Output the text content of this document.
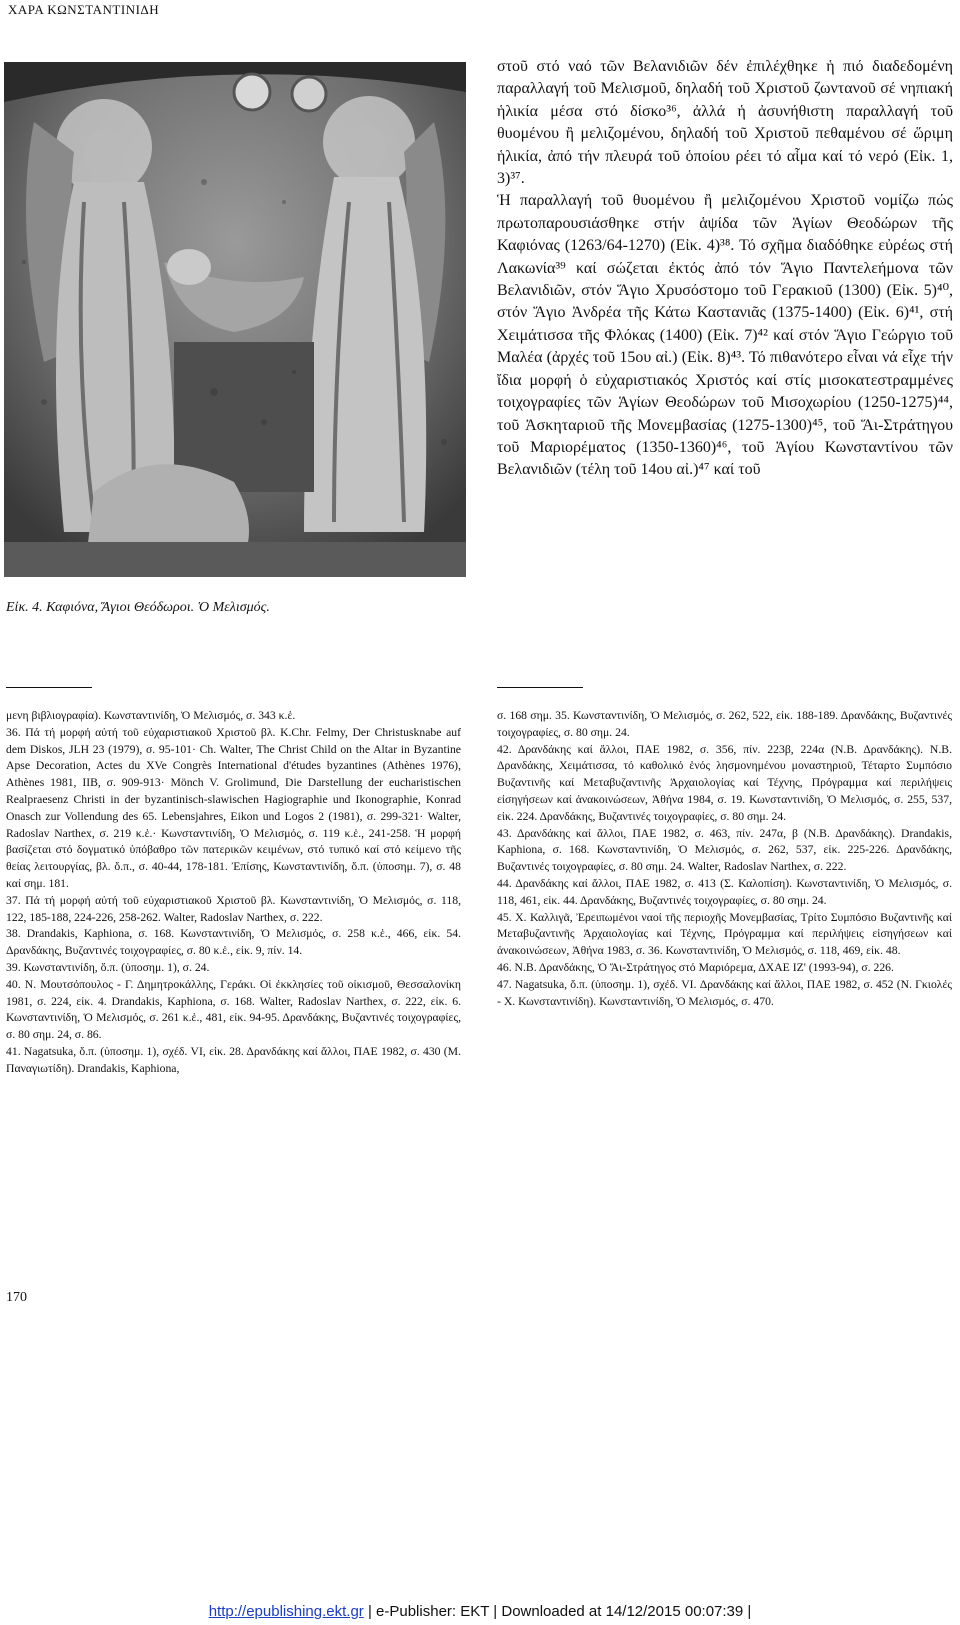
ΧΑΡΑ ΚΩΝΣΤΑΝΤΙΝΙΔΗ
Εἰκ. 4. Καφιόνα, Ἅγιοι Θεόδωροι. Ὁ Μελισμός.

στοῦ στό ναό τῶν Βελανιδιῶν δέν ἐπιλέχθηκε ἡ πιό διαδεδομένη παραλλαγή τοῦ Μελισμοῦ, δηλαδή τοῦ Χριστοῦ ζωντανοῦ σέ νηπιακή ἡλικία μέσα στό δίσκο³⁶, ἀλλά ἡ ἀσυνήθιστη παραλλαγή τοῦ θυομένου ἢ μελιζομένου, δηλαδή τοῦ Χριστοῦ πεθαμένου σέ ὥριμη ἡλικία, ἀπό τήν πλευρά τοῦ ὁποίου ρέει τό αἷμα καί τό νερό (Εἰκ. 1, 3)³⁷.

Ἡ παραλλαγή τοῦ θυομένου ἢ μελιζομένου Χριστοῦ νομίζω πώς πρωτοπαρουσιάσθηκε στήν ἁψίδα τῶν Ἁγίων Θεοδώρων τῆς Καφιόνας (1263/64-1270) (Εἰκ. 4)³⁸. Τό σχῆμα διαδόθηκε εὐρέως στή Λακωνία³⁹ καί σώζεται ἐκτός ἀπό τόν Ἅγιο Παντελεήμονα τῶν Βελανιδιῶν, στόν Ἅγιο Χρυσόστομο τοῦ Γερακιοῦ (1300) (Εἰκ. 5)⁴⁰, στόν Ἅγιο Ἀνδρέα τῆς Κάτω Καστανιᾶς (1375-1400) (Εἰκ. 6)⁴¹, στή Χειμάτισσα τῆς Φλόκας (1400) (Εἰκ. 7)⁴² καί στόν Ἅγιο Γεώργιο τοῦ Μαλέα (ἀρχές τοῦ 15ου αἰ.) (Εἰκ. 8)⁴³. Τό πιθανότερο εἶναι νά εἶχε τήν ἴδια μορφή ὁ εὐχαριστιακός Χριστός καί στίς μισοκατεστραμμένες τοιχογραφίες τῶν Ἁγίων Θεοδώρων τοῦ Μισοχωρίου (1250-1275)⁴⁴, τοῦ Ἀσκηταριοῦ τῆς Μονεμβασίας (1275-1300)⁴⁵, τοῦ Ἅι-Στράτηγου τοῦ Μαριορέματος (1350-1360)⁴⁶, τοῦ Ἁγίου Κωνσταντίνου τῶν Βελανιδιῶν (τέλη τοῦ 14ου αἰ.)⁴⁷ καί τοῦ

μενη βιβλιογραφία). Κωνσταντινίδη, Ὁ Μελισμός, σ. 343 κ.ἑ.

36. Πά τή μορφή αὐτή τοῦ εὐχαριστιακοῦ Χριστοῦ βλ. K.Chr. Felmy, Der Christusknabe auf dem Diskos, JLH 23 (1979), σ. 95-101· Ch. Walter, The Christ Child on the Altar in Byzantine Apse Decoration, Actes du XVe Congrès International d'études byzantines (Athènes 1976), Athènes 1981, IIB, σ. 909-913· Mönch V. Grolimund, Die Darstellung der eucharistischen Realpraesenz Christi in der byzantinisch-slawischen Hagiographie und Ikonographie, Konrad Onasch zur Vollendung des 65. Lebensjahres, Eikon und Logos 2 (1981), σ. 299-321· Walter, Radoslav Narthex, σ. 219 κ.ἑ.· Κωνσταντινίδη, Ὁ Μελισμός, σ. 119 κ.ἑ., 241-258. Ἡ μορφή βασίζεται στό δογματικό ὑπόβαθρο τῶν πατερικῶν κειμένων, στό τυπικό καί στό κείμενο τῆς θείας λειτουργίας, βλ. ὅ.π., σ. 40-44, 178-181. Ἐπίσης, Κωνσταντινίδη, ὅ.π. (ὑποσημ. 7), σ. 48 καί σημ. 181.

37. Πά τή μορφή αὐτή τοῦ εὐχαριστιακοῦ Χριστοῦ βλ. Κωνσταντινίδη, Ὁ Μελισμός, σ. 118, 122, 185-188, 224-226, 258-262. Walter, Radoslav Narthex, σ. 222.

38. Drandakis, Kaphiona, σ. 168. Κωνσταντινίδη, Ὁ Μελισμός, σ. 258 κ.ἑ., 466, εἰκ. 54. Δρανδάκης, Βυζαντινές τοιχογραφίες, σ. 80 κ.ἑ., εἰκ. 9, πίν. 14.

39. Κωνσταντινίδη, ὅ.π. (ὑποσημ. 1), σ. 24.

40. Ν. Μουτσόπουλος - Γ. Δημητροκάλλης, Γεράκι. Οἱ ἐκκλησίες τοῦ οἰκισμοῦ, Θεσσαλονίκη 1981, σ. 224, εἰκ. 4. Drandakis, Kaphiona, σ. 168. Walter, Radoslav Narthex, σ. 222, εἰκ. 6. Κωνσταντινίδη, Ὁ Μελισμός, σ. 261 κ.ἑ., 481, εἰκ. 94-95. Δρανδάκης, Βυζαντινές τοιχογραφίες, σ. 80 σημ. 24, σ. 86.

41. Nagatsuka, ὅ.π. (ὑποσημ. 1), σχέδ. VI, εἰκ. 28. Δρανδάκης καί ἄλλοι, ΠΑΕ 1982, σ. 430 (Μ. Παναγιωτίδη). Drandakis, Kaphiona,

σ. 168 σημ. 35. Κωνσταντινίδη, Ὁ Μελισμός, σ. 262, 522, εἰκ. 188-189. Δρανδάκης, Βυζαντινές τοιχογραφίες, σ. 80 σημ. 24.

42. Δρανδάκης καί ἄλλοι, ΠΑΕ 1982, σ. 356, πίν. 223β, 224α (Ν.Β. Δρανδάκης). Ν.Β. Δρανδάκης, Χειμάτισσα, τό καθολικό ἑνός λησμονημένου μοναστηριοῦ, Τέταρτο Συμπόσιο Βυζαντινῆς καί Μεταβυζαντινῆς Ἀρχαιολογίας καί Τέχνης, Πρόγραμμα καί περιλήψεις εἰσηγήσεων καί ἀνακοινώσεων, Ἀθήνα 1984, σ. 19. Κωνσταντινίδη, Ὁ Μελισμός, σ. 255, 537, εἰκ. 224. Δρανδάκης, Βυζαντινές τοιχογραφίες, σ. 80 σημ. 24.

43. Δρανδάκης καί ἄλλοι, ΠΑΕ 1982, σ. 463, πίν. 247α, β (Ν.Β. Δρανδάκης). Drandakis, Kaphiona, σ. 168. Κωνσταντινίδη, Ὁ Μελισμός, σ. 262, 537, εἰκ. 225-226. Δρανδάκης, Βυζαντινές τοιχογραφίες, σ. 80 σημ. 24. Walter, Radoslav Narthex, σ. 222.

44. Δρανδάκης καί ἄλλοι, ΠΑΕ 1982, σ. 413 (Σ. Καλοπίση). Κωνσταντινίδη, Ὁ Μελισμός, σ. 118, 461, εἰκ. 44. Δρανδάκης, Βυζαντινές τοιχογραφίες, σ. 80 σημ. 24.

45. Χ. Καλλιγᾶ, Ἐρειπωμένοι ναοί τῆς περιοχῆς Μονεμβασίας, Τρίτο Συμπόσιο Βυζαντινῆς καί Μεταβυζαντινῆς Ἀρχαιολογίας καί Τέχνης, Πρόγραμμα καί περιλήψεις εἰσηγήσεων καί ἀνακοινώσεων, Ἀθήνα 1983, σ. 36. Κωνσταντινίδη, Ὁ Μελισμός, σ. 118, 469, εἰκ. 48.

46. Ν.Β. Δρανδάκης, Ὁ Ἅι-Στράτηγος στό Μαριόρεμα, ΔΧΑΕ ΙΖ' (1993-94), σ. 226.

47. Nagatsuka, ὅ.π. (ὑποσημ. 1), σχέδ. VI. Δρανδάκης καί ἄλλοι, ΠΑΕ 1982, σ. 452 (Ν. Γκιολές - Χ. Κωνσταντινίδη). Κωνσταντινίδη, Ὁ Μελισμός, σ. 470.

170
http://epublishing.ekt.gr | e-Publisher: EKT | Downloaded at 14/12/2015 00:07:39 |
